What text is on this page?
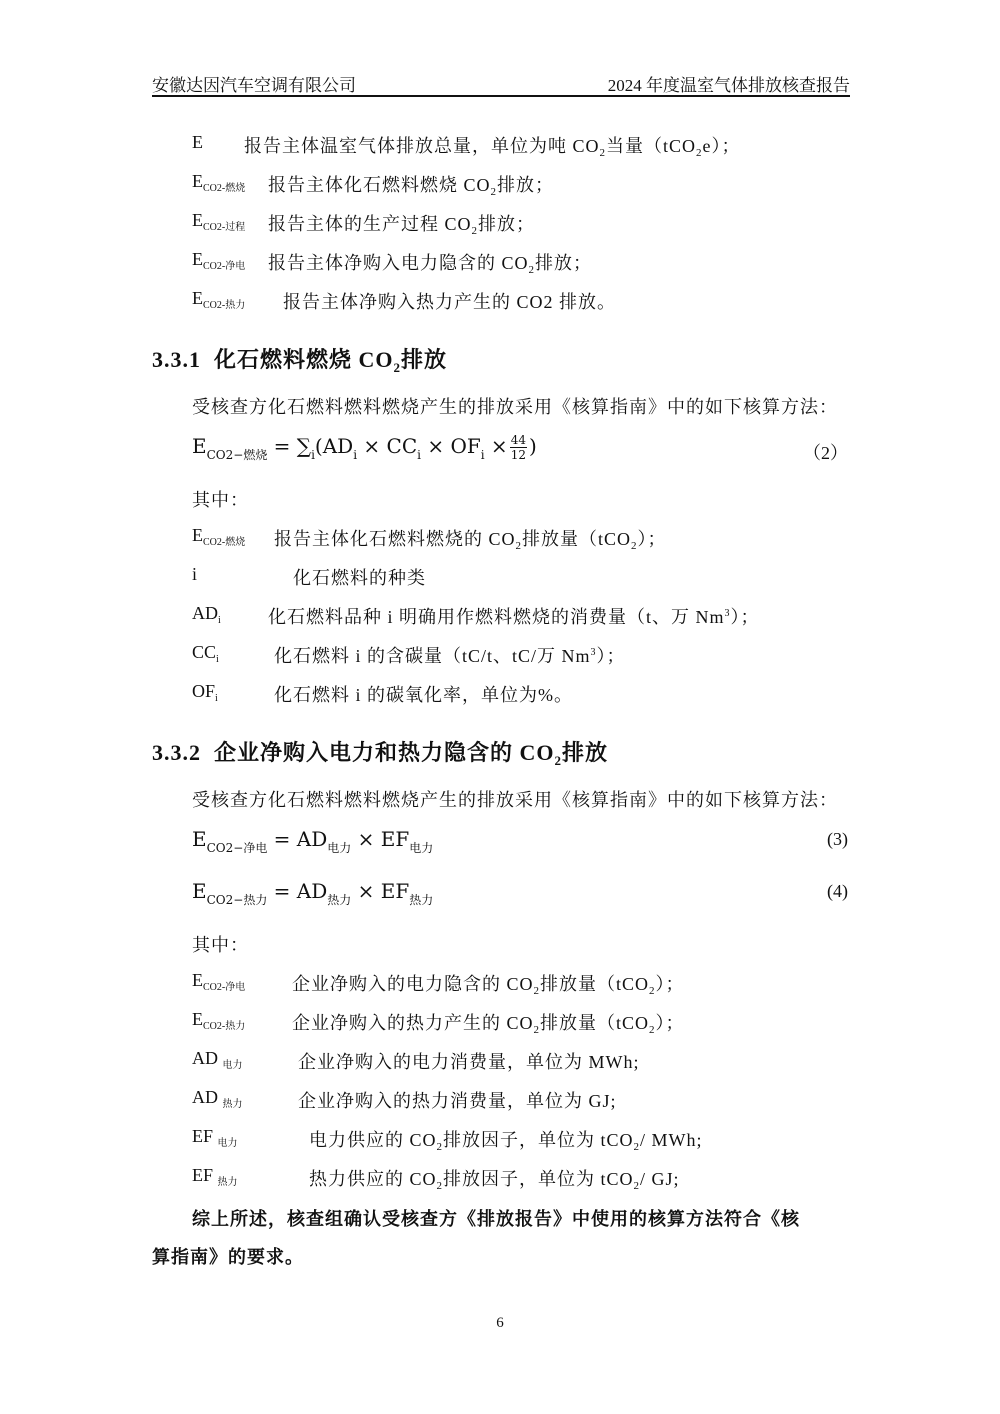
安徽达因汽车空调有限公司	2024 年度温室气体排放核查报告
E 报告主体温室气体排放总量，单位为吨 $CO_2$当量（tCO$_2$e）；
$E_{CO2-燃烧}$ 报告主体化石燃料燃烧 $CO_2$排放；
$E_{CO2-过程}$ 报告主体的生产过程 $CO_2$排放；
$E_{CO2-净电}$ 报告主体净购入电力隐含的 $CO_2$排放；
$E_{CO2-热力}$ 报告主体净购入热力产生的 CO2 排放。
3.3.1 化石燃料燃烧 $CO_2$排放
受核查方化石燃料燃料燃烧产生的排放采用《核算指南》中的如下核算方法：
$E_{CO2-燃烧} = \sum_i(AD_i \times CC_i \times OF_i \times \frac{44}{12}$ )	（2）
其中：
$E_{CO2-燃烧}$ 报告主体化石燃料燃烧的 $CO_2$排放量（tCO$_2$）；
i	化石燃料的种类
$AD_i$	化石燃料品种 i 明确用作燃料燃烧的消费量（t、万 Nm$^3$）；
$CC_i$	化石燃料 i 的含碳量（tC/t、tC/万 Nm$^3$）；
$OF_i$	化石燃料 i 的碳氧化率，单位为%。
3.3.2 企业净购入电力和热力隐含的 $CO_2$排放
受核查方化石燃料燃料燃烧产生的排放采用《核算指南》中的如下核算方法：
$E_{CO2-净电} = AD_{电力} \times EF_{电力}$	(3)
$E_{CO2-热力} = AD_{热力} \times EF_{热力}$	(4)
其中：
$E_{CO2-净电}$	企业净购入的电力隐含的 $CO_2$排放量（tCO$_2$）；
$E_{CO2-热力}$	企业净购入的热力产生的 $CO_2$排放量（tCO$_2$）；
AD $_{电力}$	企业净购入的电力消费量，单位为 MWh;
AD $_{热力}$	企业净购入的热力消费量，单位为 GJ;
EF $_{电力}$	电力供应的 $CO_2$排放因子，单位为 tCO$_2$/ MWh;
EF $_{热力}$	热力供应的 $CO_2$排放因子，单位为 tCO$_2$/ GJ;
综上所述，核查组确认受核查方《排放报告》中使用的核算方法符合《核
算指南》的要求。
6
